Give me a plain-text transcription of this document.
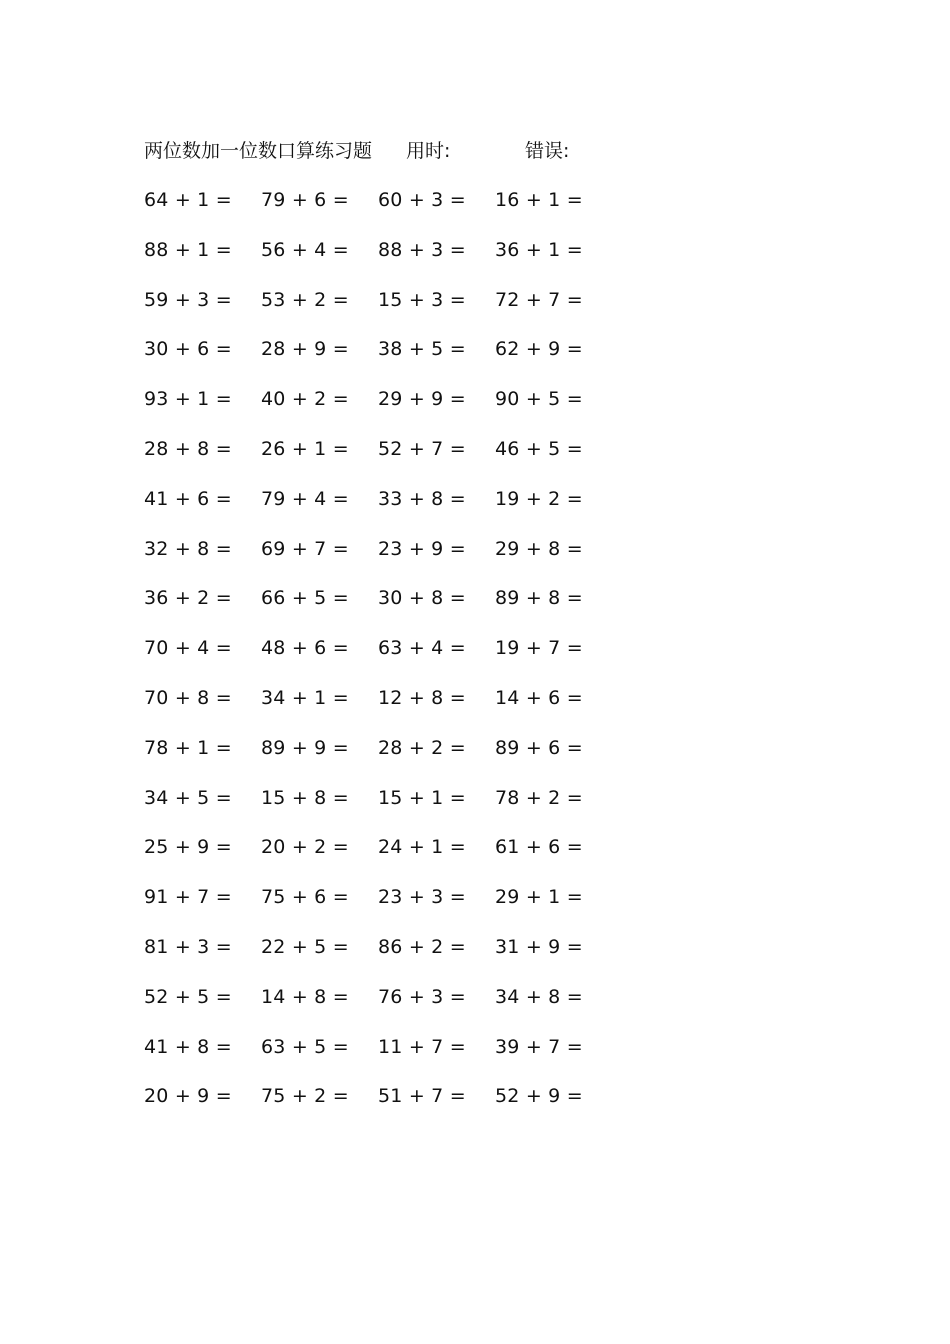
两位数加一位数口算练习题 用时:	错误:
64 + 1 = 79 + 6 = 60 + 3 = 16 + 1 =
88 + 1 = 56 + 4 = 88 + 3 = 36 + 1 =
59 + 3 = 53 + 2 = 15 + 3 = 72 + 7 =
30 + 6 = 28 + 9 = 38 + 5 = 62 + 9 =
93 + 1 = 40 + 2 = 29 + 9 = 90 + 5 =
28 + 8 = 26 + 1 = 52 + 7 = 46 + 5 =
41 + 6 = 79 + 4 = 33 + 8 = 19 + 2 =
32 + 8 = 69 + 7 = 23 + 9 = 29 + 8 =
36 + 2 = 66 + 5 = 30 + 8 = 89 + 8 =
70 + 4 = 48 + 6 = 63 + 4 = 19 + 7 =
70 + 8 = 34 + 1 = 12 + 8 = 14 + 6 =
78 + 1 = 89 + 9 = 28 + 2 = 89 + 6 =
34 + 5 = 15 + 8 = 15 + 1 = 78 + 2 =
25 + 9 = 20 + 2 = 24 + 1 = 61 + 6 =
91 + 7 = 75 + 6 = 23 + 3 = 29 + 1 =
81 + 3 = 22 + 5 = 86 + 2 = 31 + 9 =
52 + 5 = 14 + 8 = 76 + 3 = 34 + 8 =
41 + 8 = 63 + 5 = 11 + 7 = 39 + 7 =
20 + 9 = 75 + 2 = 51 + 7 = 52 + 9 =
